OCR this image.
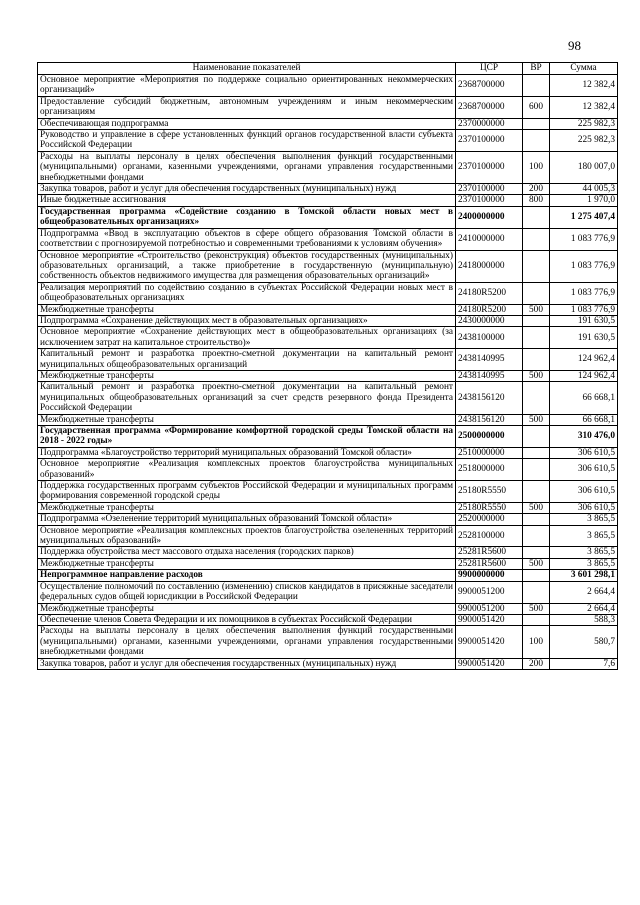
98
Наименование показателей	ЦСР	ВР	Сумма
Основное мероприятие «Мероприятия по поддержке социально ориентированных некоммерческих организаций»	2368700000		12 382,4
Предоставление субсидий бюджетным, автономным учреждениям и иным некоммерческим организациям	2368700000	600	12 382,4
Обеспечивающая подпрограмма	2370000000		225 982,3
Руководство и управление в сфере установленных функций органов государственной власти субъекта Российской Федерации	2370100000		225 982,3
Расходы на выплаты персоналу в целях обеспечения выполнения функций государственными (муниципальными) органами, казенными учреждениями, органами управления государственными внебюджетными фондами	2370100000	100	180 007,0
Закупка товаров, работ и услуг для обеспечения государственных (муниципальных) нужд	2370100000	200	44 005,3
Иные бюджетные ассигнования	2370100000	800	1 970,0
Государственная программа «Содействие созданию в Томской области новых мест в общеобразовательных организациях»	2400000000		1 275 407,4
Подпрограмма «Ввод в эксплуатацию объектов в сфере общего образования Томской области в соответствии с прогнозируемой потребностью и современными требованиями к условиям обучения»	2410000000		1 083 776,9
Основное мероприятие «Строительство (реконструкция) объектов государственных (муниципальных) образовательных организаций, а также приобретение в государственную (муниципальную) собственность объектов недвижимого имущества для размещения образовательных организаций»	2418000000		1 083 776,9
Реализация мероприятий по содействию созданию в субъектах Российской Федерации новых мест в общеобразовательных организациях	24180R5200		1 083 776,9
Межбюджетные трансферты	24180R5200	500	1 083 776,9
Подпрограмма «Сохранение действующих мест в образовательных организациях»	2430000000		191 630,5
Основное мероприятие «Сохранение действующих мест в общеобразовательных организациях (за исключением затрат на капитальное строительство)»	2438100000		191 630,5
Капитальный ремонт и разработка проектно-сметной документации на капитальный ремонт муниципальных общеобразовательных организаций	2438140995		124 962,4
Межбюджетные трансферты	2438140995	500	124 962,4
Капитальный ремонт и разработка проектно-сметной документации на капитальный ремонт муниципальных общеобразовательных организаций за счет средств резервного фонда Президента Российской Федерации	2438156120		66 668,1
Межбюджетные трансферты	2438156120	500	66 668,1
Государственная программа «Формирование комфортной городской среды Томской области на 2018 - 2022 годы»	2500000000		310 476,0
Подпрограмма «Благоустройство территорий муниципальных образований Томской области»	2510000000		306 610,5
Основное мероприятие «Реализация комплексных проектов благоустройства муниципальных образований»	2518000000		306 610,5
Поддержка государственных программ субъектов Российской Федерации и муниципальных программ формирования современной городской среды	25180R5550		306 610,5
Межбюджетные трансферты	25180R5550	500	306 610,5
Подпрограмма «Озеленение территорий муниципальных образований Томской области»	2520000000		3 865,5
Основное мероприятие «Реализация комплексных проектов благоустройства озелененных территорий муниципальных образований»	2528100000		3 865,5
Поддержка обустройства мест массового отдыха населения (городских парков)	25281R5600		3 865,5
Межбюджетные трансферты	25281R5600	500	3 865,5
Непрограммное направление расходов	9900000000		3 601 298,1
Осуществление полномочий по составлению (изменению) списков кандидатов в присяжные заседатели федеральных судов общей юрисдикции в Российской Федерации	9900051200		2 664,4
Межбюджетные трансферты	9900051200	500	2 664,4
Обеспечение членов Совета Федерации и их помощников в субъектах Российской Федерации	9900051420		588,3
Расходы на выплаты персоналу в целях обеспечения выполнения функций государственными (муниципальными) органами, казенными учреждениями, органами управления государственными внебюджетными фондами	9900051420	100	580,7
Закупка товаров, работ и услуг для обеспечения государственных (муниципальных) нужд	9900051420	200	7,6
